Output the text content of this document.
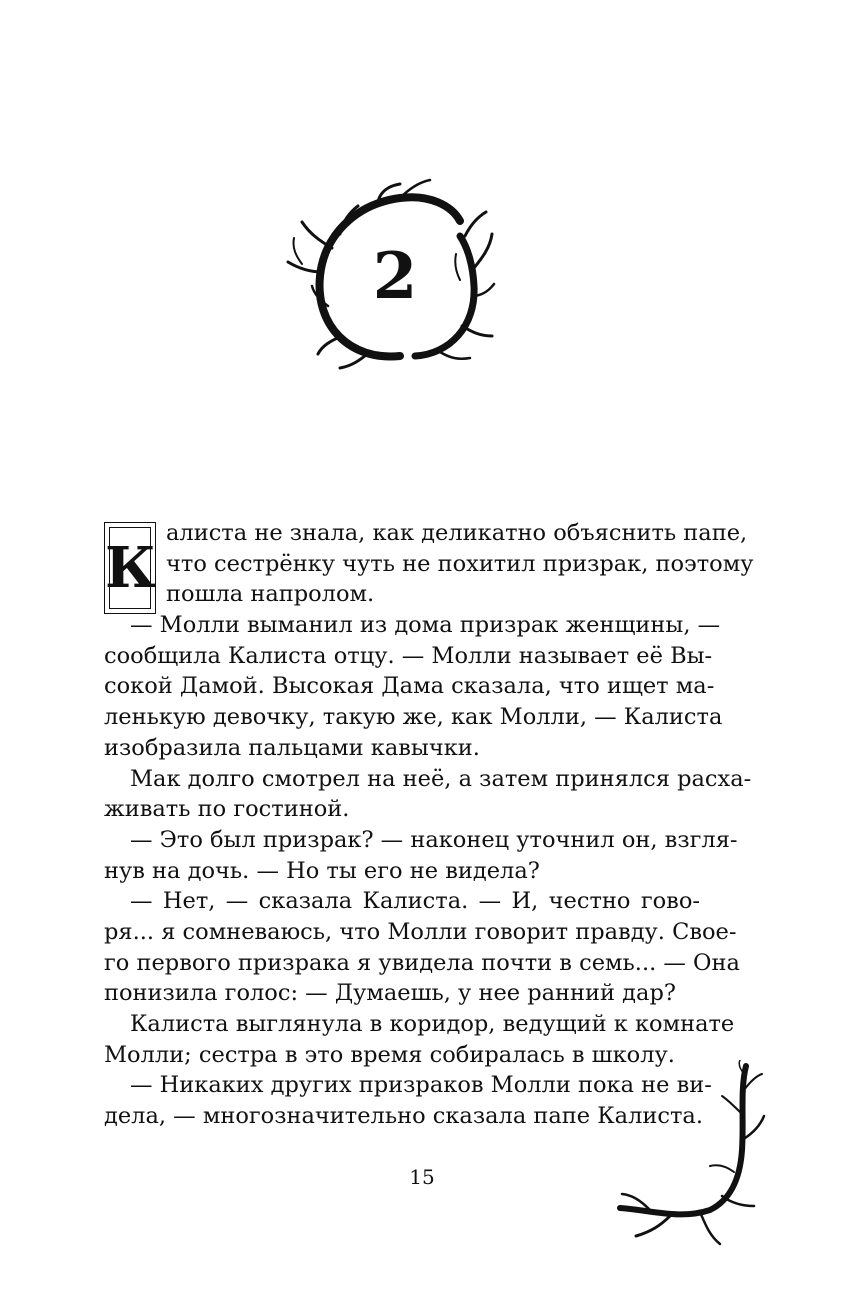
2
К
алиста не знала, как деликатно объяснить папе,
что сестрёнку чуть не похитил призрак, поэтому
пошла напролом.
— Молли выманил из дома призрак женщины, —
сообщила Калиста отцу. — Молли называет её Вы-
сокой Дамой. Высокая Дама сказала, что ищет ма-
ленькую девочку, такую же, как Молли, — Калиста
изобразила пальцами кавычки.
Мак долго смотрел на неё, а затем принялся расха-
живать по гостиной.
— Это был призрак? — наконец уточнил он, взгля-
нув на дочь. — Но ты его не видела?
— Нет, — сказала Калиста. — И, честно гово-
ря... я сомневаюсь, что Молли говорит правду. Свое-
го первого призрака я увидела почти в семь... — Она
понизила голос: — Думаешь, у нее ранний дар?
Калиста выглянула в коридор, ведущий к комнате
Молли; сестра в это время собиралась в школу.
— Никаких других призраков Молли пока не ви-
дела, — многозначительно сказала папе Калиста.
15
